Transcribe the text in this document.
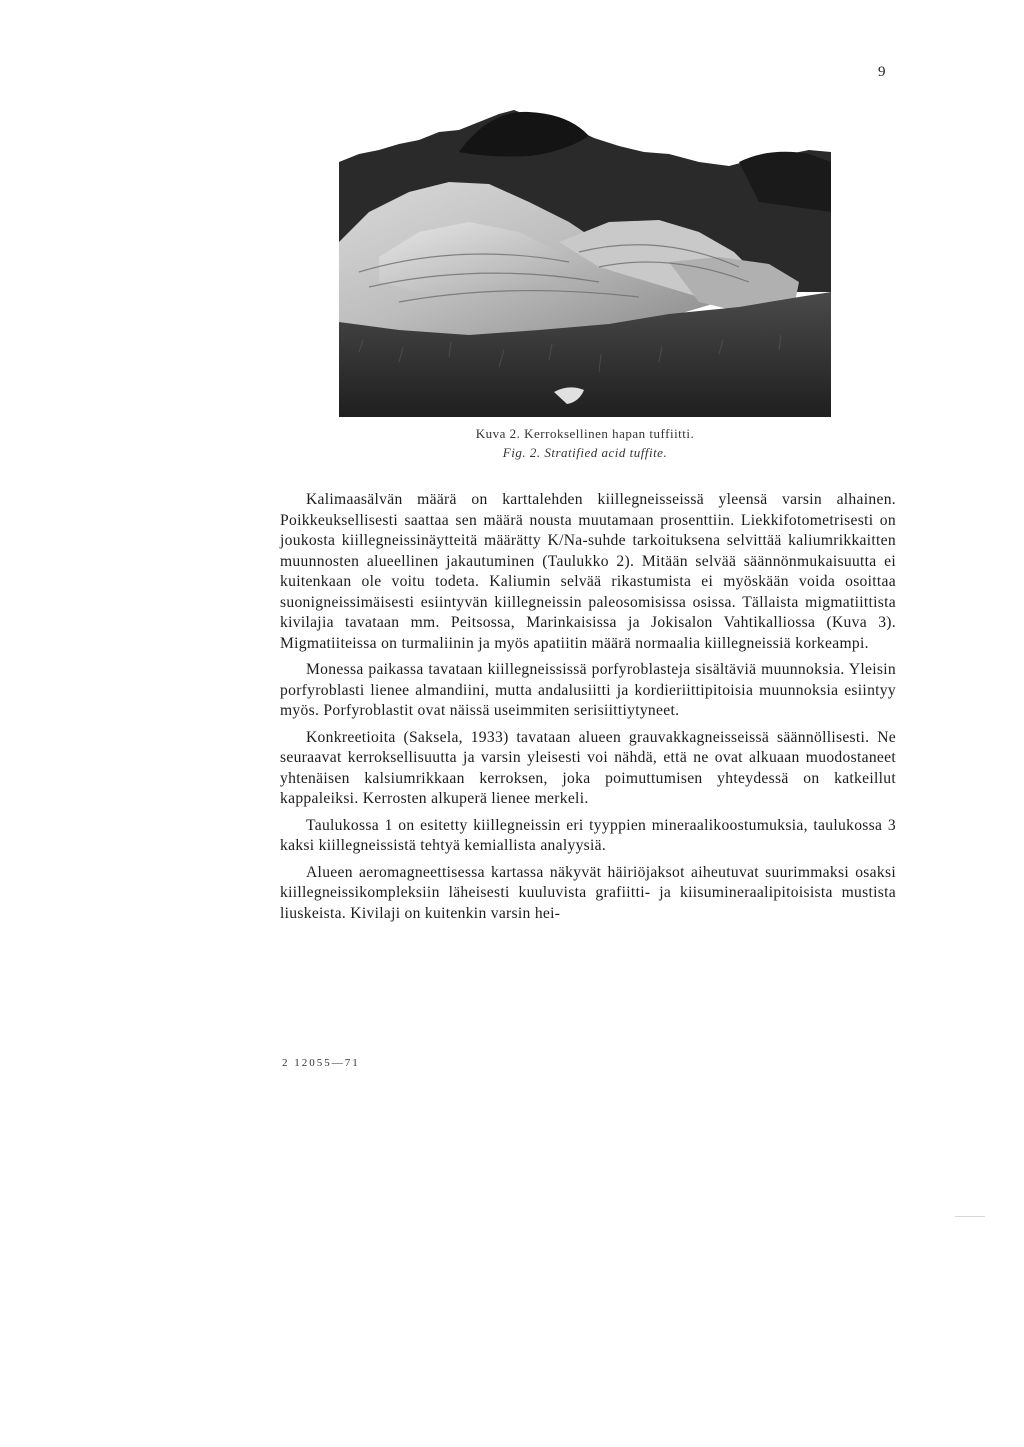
9
Kuva 2. Kerroksellinen hapan tuffiitti.
Fig. 2. Stratified acid tuffite.

Kalimaasälvän määrä on karttalehden kiillegneisseissä yleensä varsin alhainen. Poikkeuksellisesti saattaa sen määrä nousta muutamaan prosenttiin. Liekkifotometrisesti on joukosta kiillegneissinäytteitä määrätty K/Na-suhde tarkoituksena selvittää kaliumrikkaitten muunnosten alueellinen jakautuminen (Taulukko 2). Mitään selvää säännönmukaisuutta ei kuitenkaan ole voitu todeta. Kaliumin selvää rikastumista ei myöskään voida osoittaa suonigneissimäisesti esiintyvän kiillegneissin paleosomisissa osissa. Tällaista migmatiittista kivilajia tavataan mm. Peitsossa, Marinkaisissa ja Jokisalon Vahtikalliossa (Kuva 3). Migmatiiteissa on turmaliinin ja myös apatiitin määrä normaalia kiillegneissiä korkeampi.

Monessa paikassa tavataan kiillegneississä porfyroblasteja sisältäviä muunnoksia. Yleisin porfyroblasti lienee almandiini, mutta andalusiitti ja kordieriittipitoisia muunnoksia esiintyy myös. Porfyroblastit ovat näissä useimmiten serisiittiytyneet.

Konkreetioita (Saksela, 1933) tavataan alueen grauvakkagneisseissä säännöllisesti. Ne seuraavat kerroksellisuutta ja varsin yleisesti voi nähdä, että ne ovat alkuaan muodostaneet yhtenäisen kalsiumrikkaan kerroksen, joka poimuttumisen yhteydessä on katkeillut kappaleiksi. Kerrosten alkuperä lienee merkeli.

Taulukossa 1 on esitetty kiillegneissin eri tyyppien mineraalikoostumuksia, taulukossa 3 kaksi kiillegneissistä tehtyä kemiallista analyysiä.

Alueen aeromagneettisessa kartassa näkyvät häiriöjaksot aiheutuvat suurimmaksi osaksi kiillegneissikompleksiin läheisesti kuuluvista grafiitti- ja kiisumineraalipitoisista mustista liuskeista. Kivilaji on kuitenkin varsin hei-

2 12055—71
